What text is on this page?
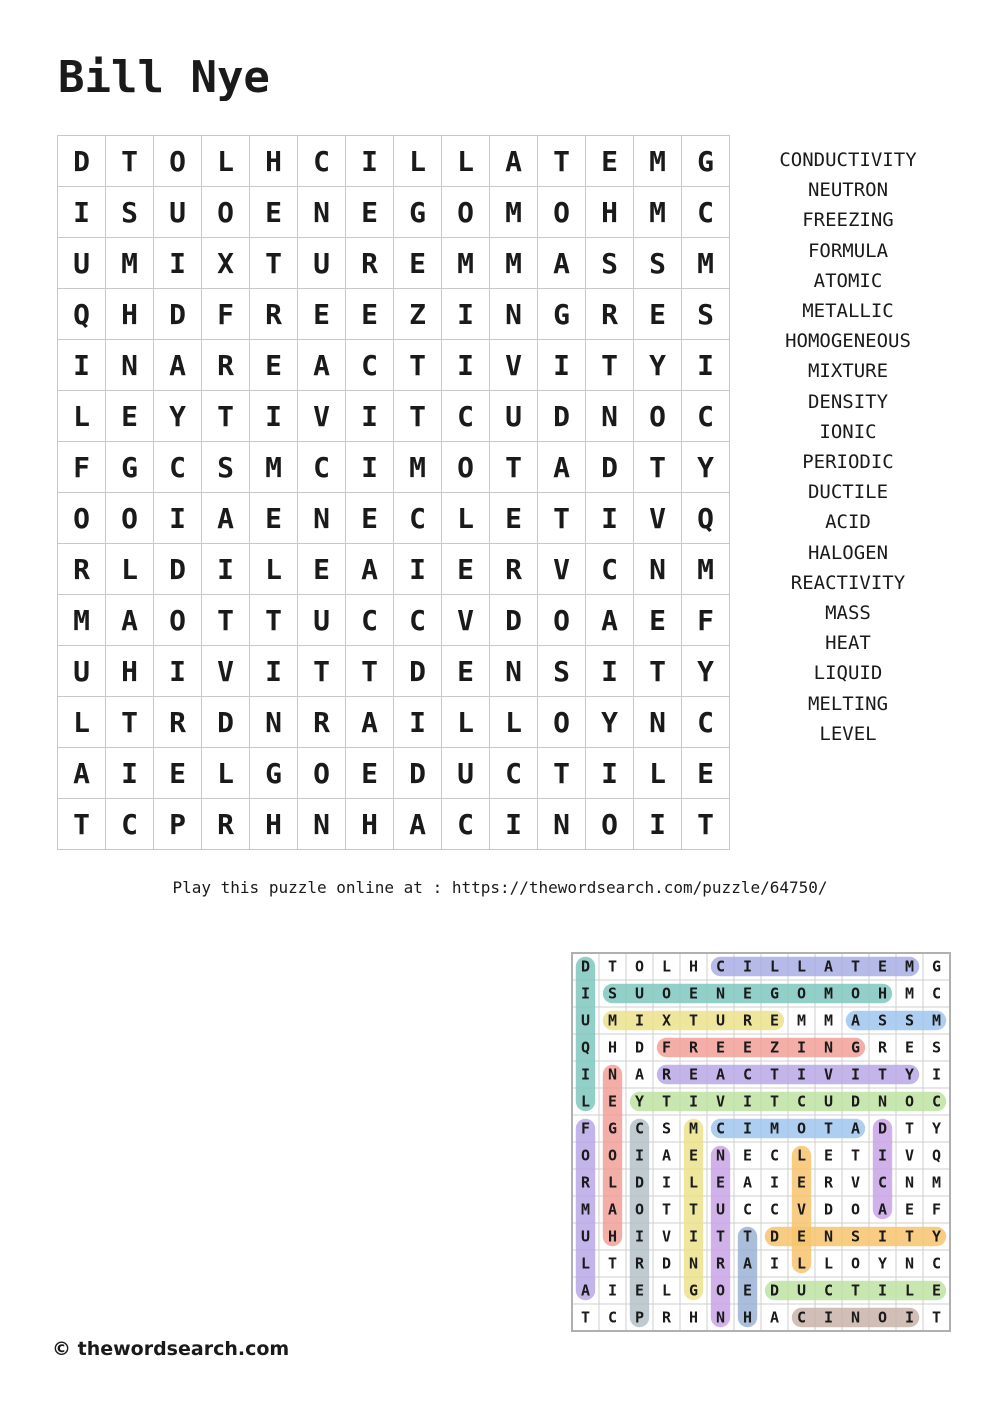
Bill Nye
D	T	O	L	H	C	I	L	L	A	T	E	M	G
I	S	U	O	E	N	E	G	O	M	O	H	M	C
U	M	I	X	T	U	R	E	M	M	A	S	S	M
Q	H	D	F	R	E	E	Z	I	N	G	R	E	S
I	N	A	R	E	A	C	T	I	V	I	T	Y	I
L	E	Y	T	I	V	I	T	C	U	D	N	O	C
F	G	C	S	M	C	I	M	O	T	A	D	T	Y
O	O	I	A	E	N	E	C	L	E	T	I	V	Q
R	L	D	I	L	E	A	I	E	R	V	C	N	M
M	A	O	T	T	U	C	C	V	D	O	A	E	F
U	H	I	V	I	T	T	D	E	N	S	I	T	Y
L	T	R	D	N	R	A	I	L	L	O	Y	N	C
A	I	E	L	G	O	E	D	U	C	T	I	L	E
T	C	P	R	H	N	H	A	C	I	N	O	I	T
CONDUCTIVITY
NEUTRON
FREEZING
FORMULA
ATOMIC
METALLIC
HOMOGENEOUS
MIXTURE
DENSITY
IONIC
PERIODIC
DUCTILE
ACID
HALOGEN
REACTIVITY
MASS
HEAT
LIQUID
MELTING
LEVEL
Play this puzzle online at : https://thewordsearch.com/puzzle/64750/
D T O L H C I L L A T E M G
I S U O E N E G O M O H M C
U M I X T U R E M M A S S M
Q H D F R E E Z I N G R E S
I N A R E A C T I V I T Y I
L E Y T I V I T C U D N O C
F G C S M C I M O T A D T Y
O O I A E N E C L E T I V Q
R L D I L E A I E R V C N M
M A O T T U C C V D O A E F
U H I V I T T D E N S I T Y
L T R D N R A I L L O Y N C
A I E L G O E D U C T I L E
T C P R H N H A C I N O I T
© thewordsearch.com
